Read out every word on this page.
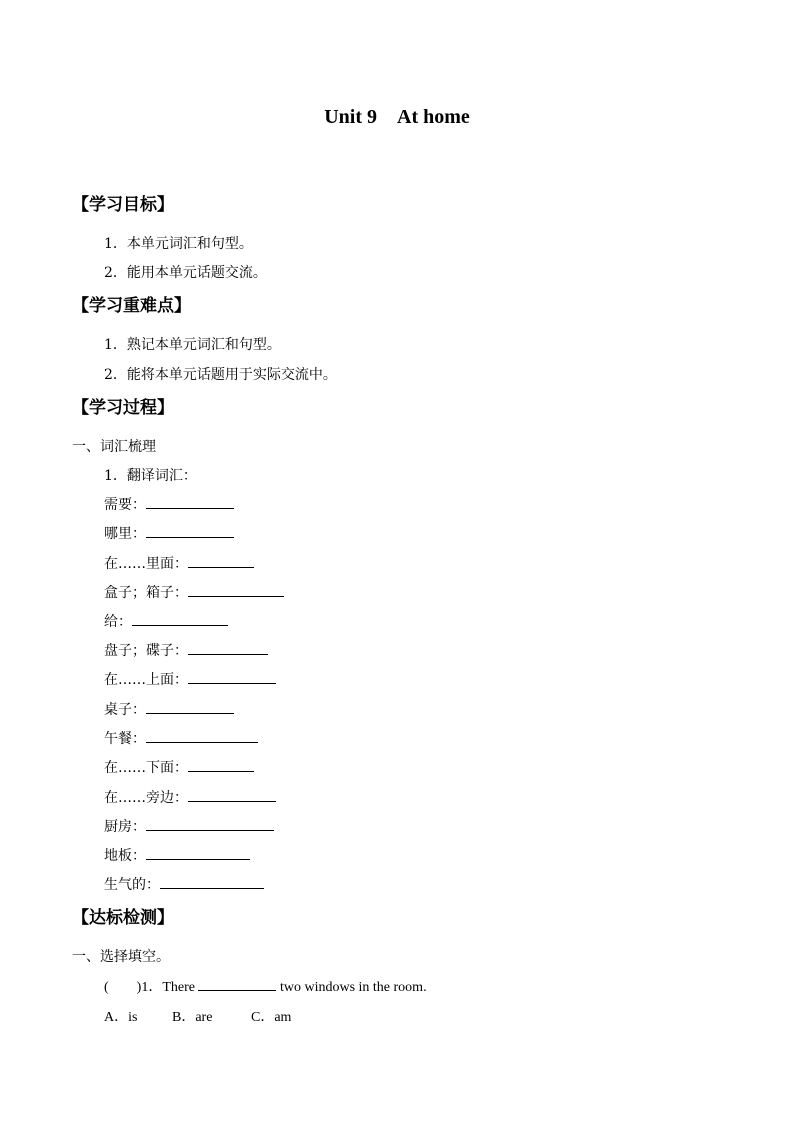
Unit 9 At home
【学习目标】
1．本单元词汇和句型。
2．能用本单元话题交流。
【学习重难点】
1．熟记本单元词汇和句型。
2．能将本单元话题用于实际交流中。
【学习过程】
一、词汇梳理
1．翻译词汇：
需要：
哪里：
在……里面：
盒子；箱子：
给：
盘子；碟子：
在……上面：
桌子：
午餐：
在……下面：
在……旁边：
厨房：
地板：
生气的：
【达标检测】
一、选择填空。
(　　)1．There	two windows in the room.
A．is B．are	C．am
